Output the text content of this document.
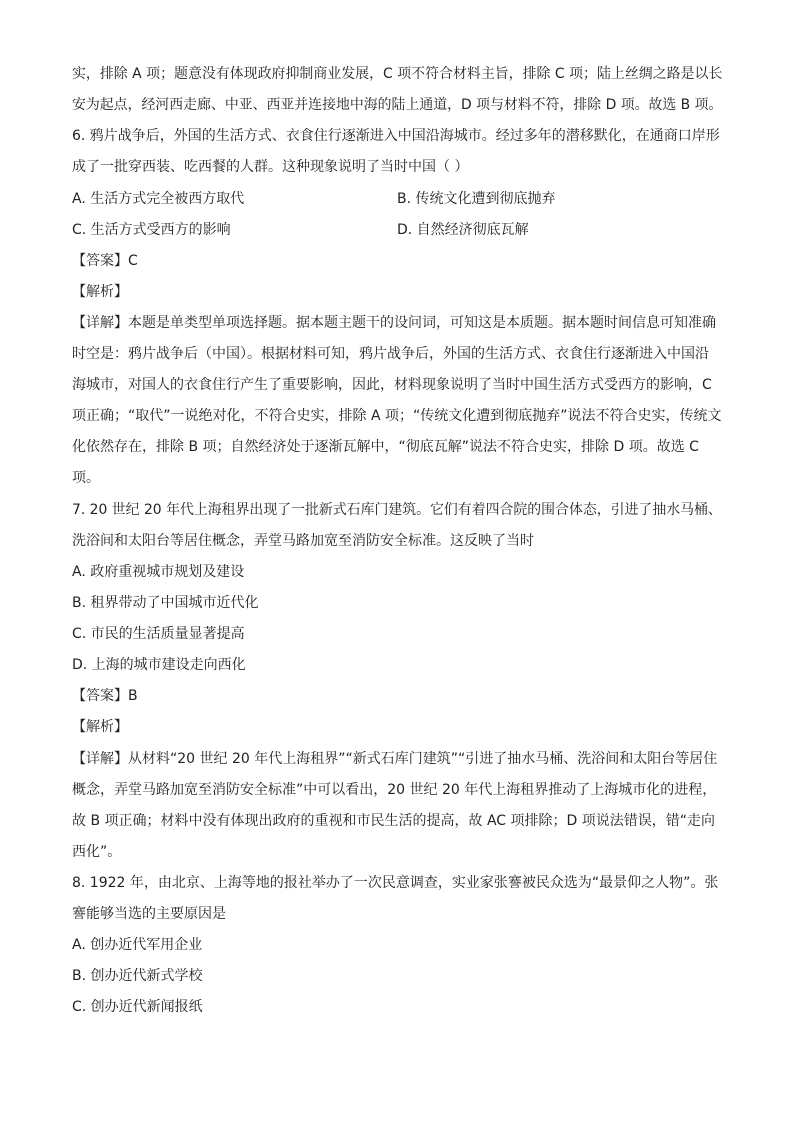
实，排除 A 项；题意没有体现政府抑制商业发展，C 项不符合材料主旨，排除 C 项；陆上丝绸之路是以长
安为起点，经河西走廊、中亚、西亚并连接地中海的陆上通道，D 项与材料不符，排除 D 项。故选 B 项。
6. 鸦片战争后，外国的生活方式、衣食住行逐渐进入中国沿海城市。经过多年的潜移默化，在通商口岸形
成了一批穿西装、吃西餐的人群。这种现象说明了当时中国（ ）
A. 生活方式完全被西方取代	B. 传统文化遭到彻底抛弃
C. 生活方式受西方的影响	D. 自然经济彻底瓦解
【答案】C
【解析】
【详解】本题是单类型单项选择题。据本题主题干的设问词，可知这是本质题。据本题时间信息可知准确
时空是：鸦片战争后（中国）。根据材料可知，鸦片战争后，外国的生活方式、衣食住行逐渐进入中国沿
海城市，对国人的衣食住行产生了重要影响，因此，材料现象说明了当时中国生活方式受西方的影响，C
项正确；“取代”一说绝对化，不符合史实，排除 A 项；“传统文化遭到彻底抛弃”说法不符合史实，传统文
化依然存在，排除 B 项；自然经济处于逐渐瓦解中，“彻底瓦解”说法不符合史实，排除 D 项。故选 C
项。
7. 20 世纪 20 年代上海租界出现了一批新式石库门建筑。它们有着四合院的围合体态，引进了抽水马桶、
洗浴间和太阳台等居住概念，弄堂马路加宽至消防安全标准。这反映了当时
A. 政府重视城市规划及建设
B. 租界带动了中国城市近代化
C. 市民的生活质量显著提高
D. 上海的城市建设走向西化
【答案】B
【解析】
【详解】从材料“20 世纪 20 年代上海租界”“新式石库门建筑”“引进了抽水马桶、洗浴间和太阳台等居住
概念，弄堂马路加宽至消防安全标准”中可以看出，20 世纪 20 年代上海租界推动了上海城市化的进程，
故 B 项正确；材料中没有体现出政府的重视和市民生活的提高，故 AC 项排除；D 项说法错误，错“走向
西化”。
8. 1922 年，由北京、上海等地的报社举办了一次民意调查，实业家张謇被民众选为“最景仰之人物”。张
謇能够当选的主要原因是
A. 创办近代军用企业
B. 创办近代新式学校
C. 创办近代新闻报纸
